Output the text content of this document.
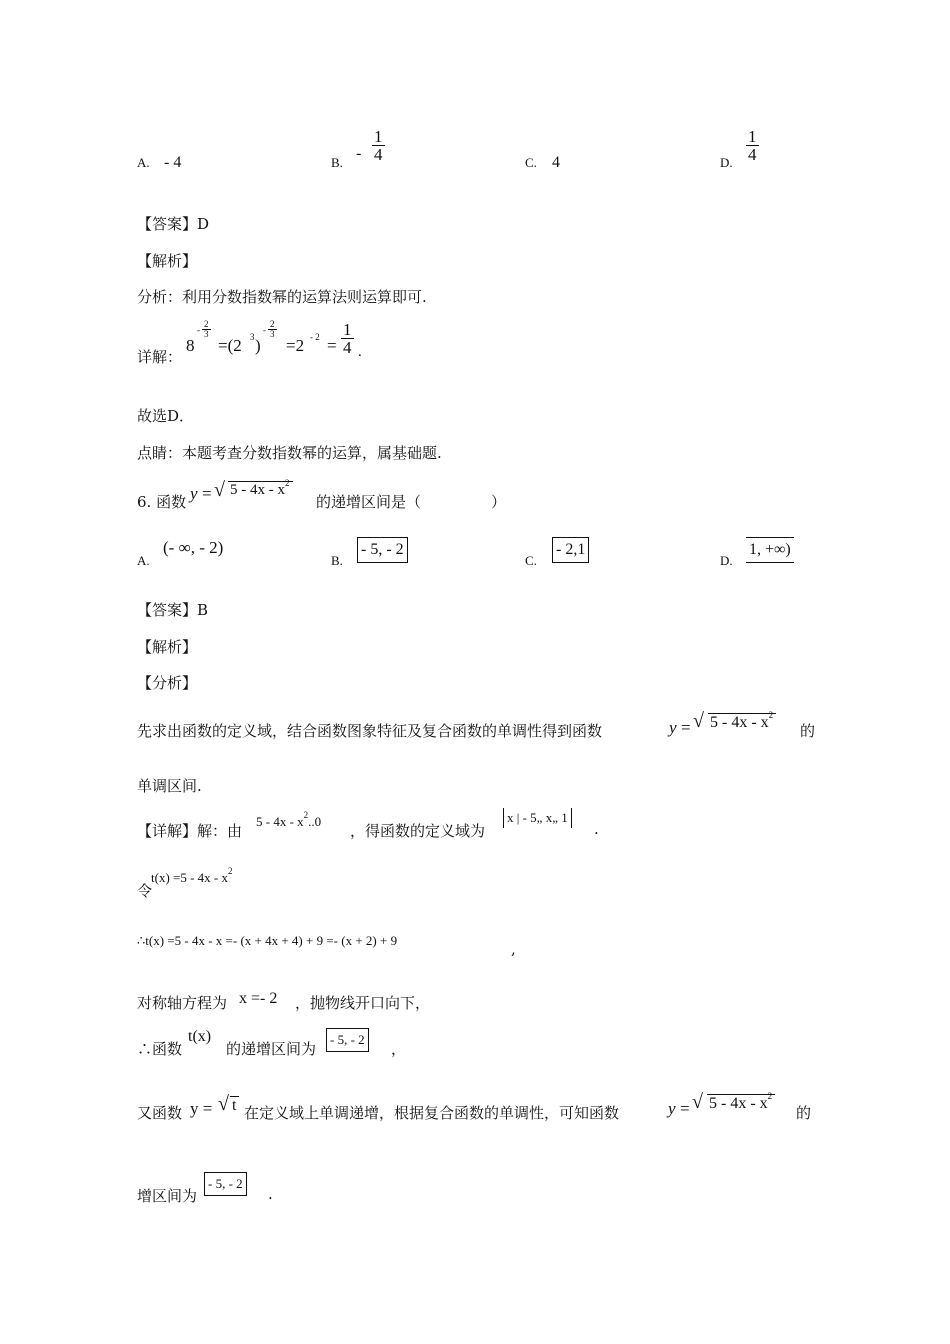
A. - 4	B.
- $\frac{1}{4}$	C. 4	D. $\frac{1}{4}$
【答案】D
【解析】
分析：利用分数指数幂的运算法则运算即可.
详解：
8
- $\frac{2}{3}$
=(2 3 )
- $\frac{2}{3}$
$=2 - 2 = \frac{1}{4}$ .
故选D．
点睛：本题考查分数指数幂的运算，属基础题.
6. 函数 y = √ $5 - 4x - x^2$
的递增区间是（	）
A.
(- ∞, - 2)
B.
- 5, - 2
C.
- 2,1
D.
1, +∞)
【答案】B
【解析】
【分析】
先求出函数的定义域，结合函数图象特征及复合函数的单调性得到函数	y = √ $5 - 4x - x^2$
的
单调区间.
【详解】解：由
$5 - 4x - x^2..0$
，得函数的定义域为
x | - 5„ x„ 1
.
令
$t(x) =5 - 4x - x^2$
∴t(x) =5 - 4x - x =- (x + 4x + 4) + 9 =- (x + 2) + 9	,
对称轴方程为 x =- 2 ，抛物线开口向下，
∴函数
t(x)
的递增区间为
- 5, - 2
，
又函数 y = √ t 在定义域上单调递增，根据复合函数的单调性，可知函数	y = √ $5 - 4x - x^2$
的
增区间为
- 5, - 2
.
